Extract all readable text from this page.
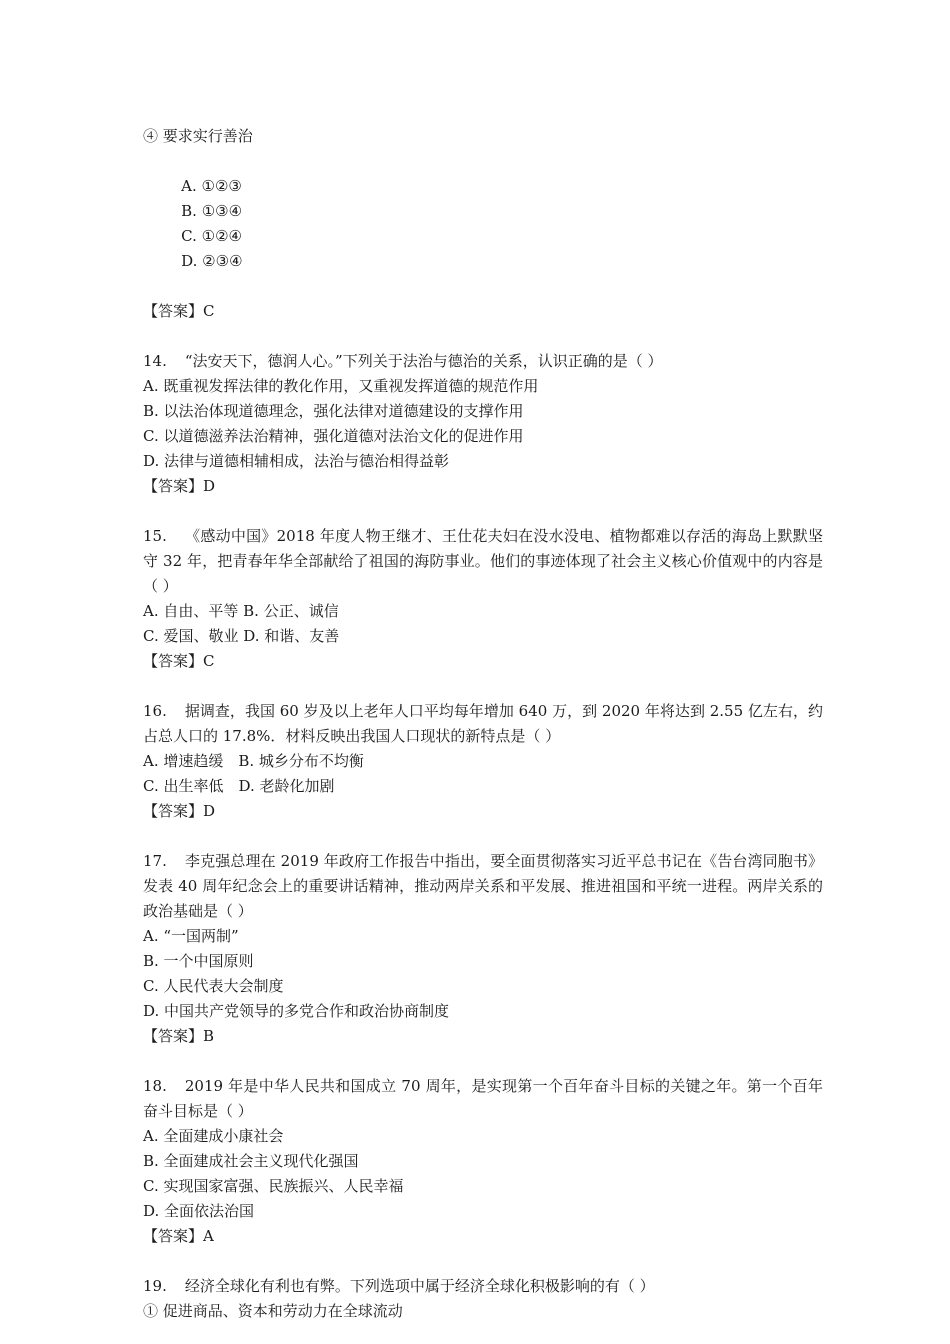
④ 要求实行善治

A. ①②③
B. ①③④
C. ①②④
D. ②③④

【答案】C

14. “法安天下，德润人心。”下列关于法治与德治的关系，认识正确的是（ ）

A. 既重视发挥法律的教化作用，又重视发挥道德的规范作用
B. 以法治体现道德理念，强化法律对道德建设的支撑作用
C. 以道德滋养法治精神，强化道德对法治文化的促进作用
D. 法律与道德相辅相成，法治与德治相得益彰
【答案】D

15. 《感动中国》2018 年度人物王继才、王仕花夫妇在没水没电、植物都难以存活的海岛上默默坚守 32 年，把青春年华全部献给了祖国的海防事业。他们的事迹体现了社会主义核心价值观中的内容是（ ）

A. 自由、平等 B. 公正、诚信
C. 爱国、敬业 D. 和谐、友善
【答案】C

16. 据调查，我国 60 岁及以上老年人口平均每年增加 640 万，到 2020 年将达到 2.55 亿左右，约占总人口的 17.8%．材料反映出我国人口现状的新特点是（ ）

A. 增速趋缓　B. 城乡分布不均衡
C. 出生率低　D. 老龄化加剧
【答案】D

17. 李克强总理在 2019 年政府工作报告中指出，要全面贯彻落实习近平总书记在《告台湾同胞书》发表 40 周年纪念会上的重要讲话精神，推动两岸关系和平发展、推进祖国和平统一进程。两岸关系的政治基础是（ ）

A. “一国两制”
B. 一个中国原则
C. 人民代表大会制度
D. 中国共产党领导的多党合作和政治协商制度
【答案】B

18. 2019 年是中华人民共和国成立 70 周年，是实现第一个百年奋斗目标的关键之年。第一个百年奋斗目标是（ ）

A. 全面建成小康社会
B. 全面建成社会主义现代化强国
C. 实现国家富强、民族振兴、人民幸福
D. 全面依法治国
【答案】A

19. 经济全球化有利也有弊。下列选项中属于经济全球化积极影响的有（ ）

① 促进商品、资本和劳动力在全球流动
